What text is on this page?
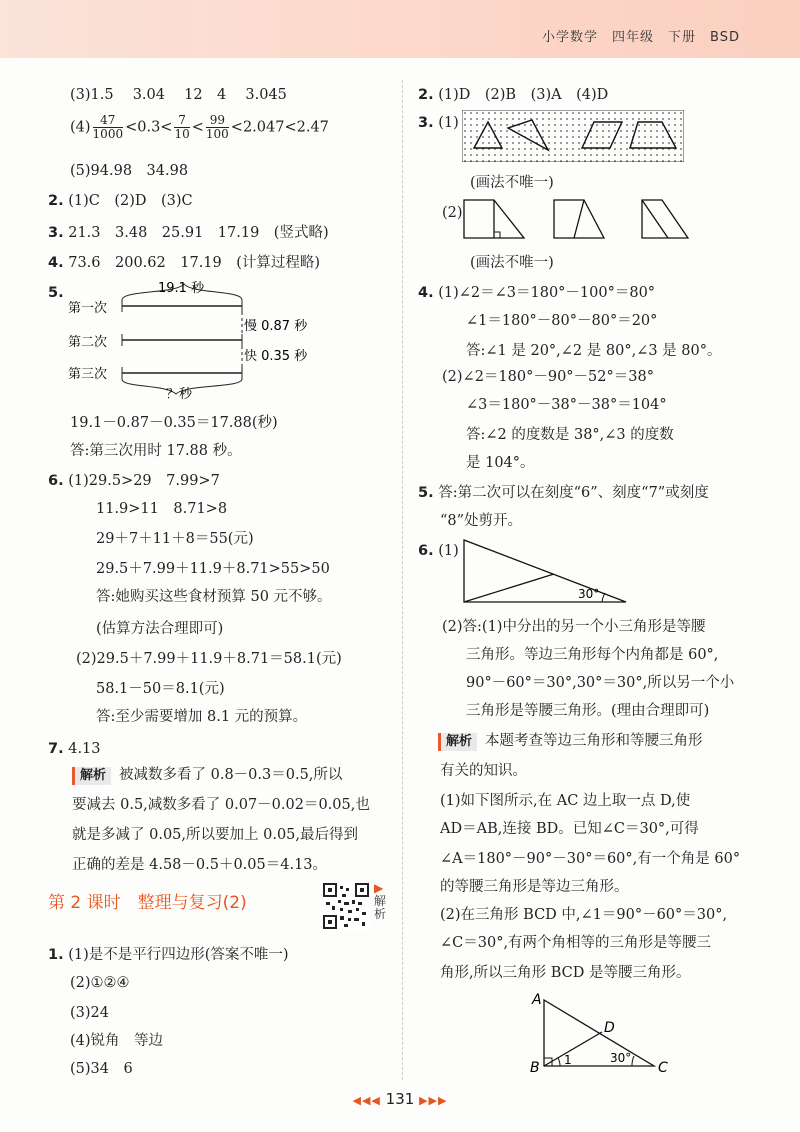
小学数学　四年级　下册　BSD
(3)1.5　 3.04　 12　4　 3.045
$(4) \frac{47}{1000} <0.3< \frac{7}{10} < \frac{99}{100} <2.047<2.47$
(5)94.98　34.98
2. (1)C　(2)D　(3)C
3. 21.3　3.48　25.91　17.19　(竖式略)
4. 73.6　200.62　17.19　(计算过程略)
5.
第一次
第二次
第三次
19.1 秒
慢 0.87 秒
快 0.35 秒
？秒
19.1－0.87－0.35＝17.88(秒)
答:第三次用时 17.88 秒。
6. (1)29.5>29　7.99>7
11.9>11　8.71>8
29＋7＋11＋8＝55(元)
29.5＋7.99＋11.9＋8.71>55>50
答:她购买这些食材预算 50 元不够。
(估算方法合理即可)
(2)29.5＋7.99＋11.9＋8.71＝58.1(元)
58.1－50＝8.1(元)
答:至少需要增加 8.1 元的预算。
7. 4.13
解析 被减数多看了 0.8－0.3＝0.5,所以
要减去 0.5,减数多看了 0.07－0.02＝0.05,也
就是多减了 0.05,所以要加上 0.05,最后得到
正确的差是 4.58－0.5＋0.05＝4.13。
第 2 课时　整理与复习(2)
▶解析
1. (1)是不是平行四边形(答案不唯一)
(2)①②④
(3)24
(4)锐角　等边
(5)34　6
2. (1)D　(2)B　(3)A　(4)D
3. (1)
(画法不唯一)
(2)
(画法不唯一)
4. (1)∠2＝∠3＝180°－100°＝80°
∠1＝180°－80°－80°＝20°
答:∠1 是 20°,∠2 是 80°,∠3 是 80°。
(2)∠2＝180°－90°－52°＝38°
∠3＝180°－38°－38°＝104°
答:∠2 的度数是 38°,∠3 的度数
是 104°。
5. 答:第二次可以在刻度“6”、刻度“7”或刻度
“8”处剪开。
6. (1)
30°
(2)答:(1)中分出的另一个小三角形是等腰
三角形。等边三角形每个内角都是 60°,
90°－60°＝30°,30°＝30°,所以另一个小
三角形是等腰三角形。(理由合理即可)
解析 本题考查等边三角形和等腰三角形
有关的知识。
(1)如下图所示,在 AC 边上取一点 D,使
AD＝AB,连接 BD。已知∠C＝30°,可得
∠A＝180°－90°－30°＝60°,有一个角是 60°
的等腰三角形是等边三角形。
(2)在三角形 BCD 中,∠1＝90°－60°＝30°,
∠C＝30°,有两个角相等的三角形是等腰三
角形,所以三角形 BCD 是等腰三角形。
A
B	C
D
1	30°
◀◀◀ 131 ▶▶▶
